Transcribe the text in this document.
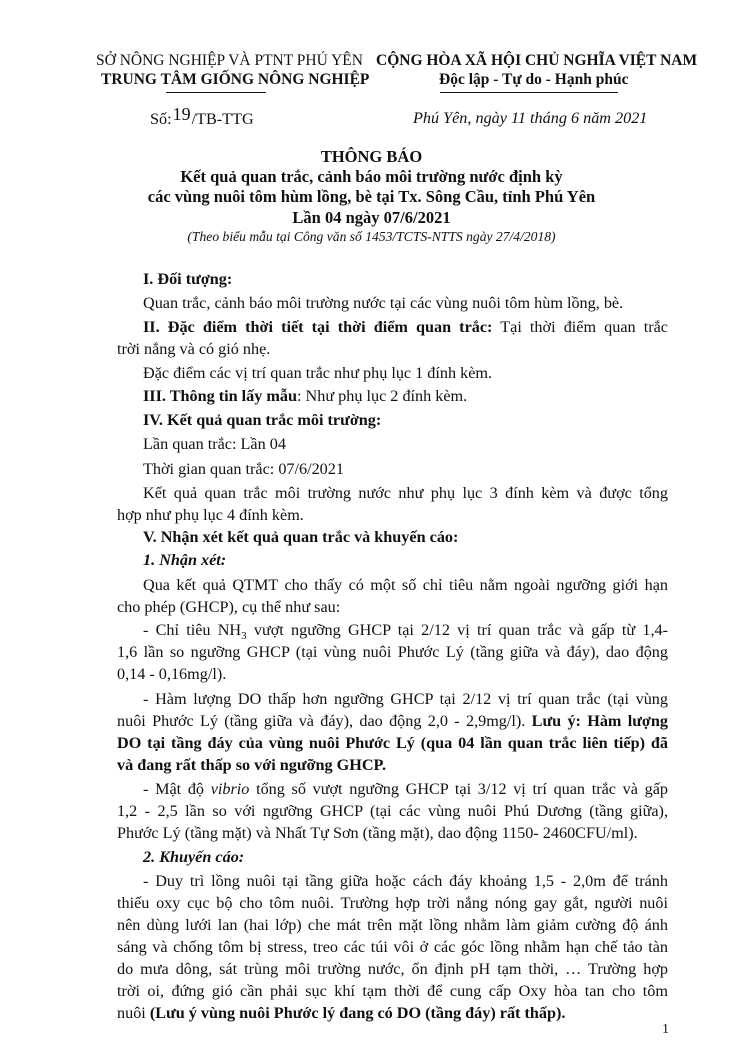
SỞ NÔNG NGHIỆP VÀ PTNT PHÚ YÊN
TRUNG TÂM GIỐNG NÔNG NGHIỆP
CỘNG HÒA XÃ HỘI CHỦ NGHĨA VIỆT NAM
Độc lập - Tự do - Hạnh phúc
Số:19/TB-TTG	Phú Yên, ngày 11 tháng 6 năm 2021
THÔNG BÁO
Kết quả quan trắc, cảnh báo môi trường nước định kỳ
các vùng nuôi tôm hùm lồng, bè tại Tx. Sông Cầu, tỉnh Phú Yên
Lần 04 ngày 07/6/2021
(Theo biểu mẫu tại Công văn số 1453/TCTS-NTTS ngày 27/4/2018)
I. Đối tượng:
Quan trắc, cảnh báo môi trường nước tại các vùng nuôi tôm hùm lồng, bè.
II. Đặc điểm thời tiết tại thời điểm quan trắc: Tại thời điểm quan trắc
trời nắng và có gió nhẹ.
Đặc điểm các vị trí quan trắc như phụ lục 1 đính kèm.
III. Thông tin lấy mẫu: Như phụ lục 2 đính kèm.
IV. Kết quả quan trắc môi trường:
Lần quan trắc: Lần 04
Thời gian quan trắc: 07/6/2021
Kết quả quan trắc môi trường nước như phụ lục 3 đính kèm và được tổng
hợp như phụ lục 4 đính kèm.
V. Nhận xét kết quả quan trắc và khuyến cáo:
1. Nhận xét:
Qua kết quả QTMT cho thấy có một số chỉ tiêu nằm ngoài ngưỡng giới hạn
cho phép (GHCP), cụ thể như sau:
- Chỉ tiêu $NH_3$ vượt ngưỡng GHCP tại 2/12 vị trí quan trắc và gấp từ 1,4-
1,6 lần so ngưỡng GHCP (tại vùng nuôi Phước Lý (tầng giữa và đáy), dao động
0,14 - 0,16mg/l).
- Hàm lượng DO thấp hơn ngưỡng GHCP tại 2/12 vị trí quan trắc (tại vùng
nuôi Phước Lý (tầng giữa và đáy), dao động 2,0 - 2,9mg/l). Lưu ý: Hàm lượng
DO tại tầng đáy của vùng nuôi Phước Lý (qua 04 lần quan trắc liên tiếp) đã
và đang rất thấp so với ngưỡng GHCP.
- Mật độ vibrio tổng số vượt ngưỡng GHCP tại 3/12 vị trí quan trắc và gấp
1,2 - 2,5 lần so với ngưỡng GHCP (tại các vùng nuôi Phú Dương (tầng giữa),
Phước Lý (tầng mặt) và Nhất Tự Sơn (tầng mặt), dao động 1150- 2460CFU/ml).
2. Khuyến cáo:
- Duy trì lồng nuôi tại tầng giữa hoặc cách đáy khoảng 1,5 - 2,0m để tránh
thiếu oxy cục bộ cho tôm nuôi. Trường hợp trời nắng nóng gay gắt, người nuôi
nên dùng lưới lan (hai lớp) che mát trên mặt lồng nhằm làm giảm cường độ ánh
sáng và chống tôm bị stress, treo các túi vôi ở các góc lồng nhằm hạn chế tảo tàn
do mưa dông, sát trùng môi trường nước, ổn định pH tạm thời, … Trường hợp
trời oi, đứng gió cần phải sục khí tạm thời để cung cấp Oxy hòa tan cho tôm
nuôi (Lưu ý vùng nuôi Phước lý đang có DO (tầng đáy) rất thấp).
1
